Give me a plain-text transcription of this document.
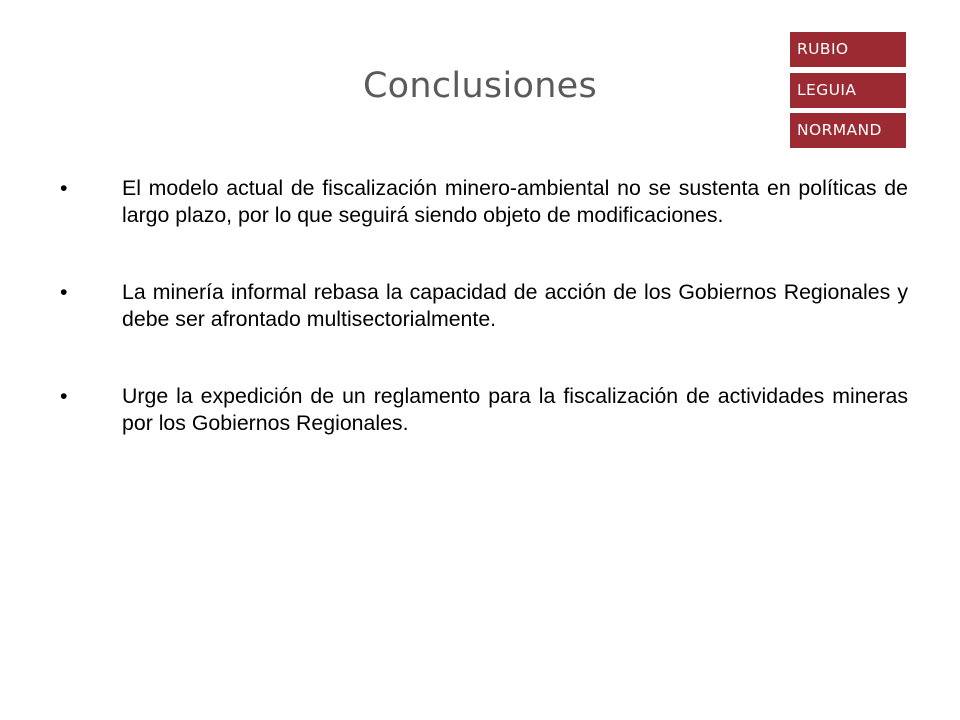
Conclusiones
RUBIO
LEGUIA
NORMAND
•	El modelo actual de fiscalización minero-ambiental no se sustenta en políticas de largo plazo, por lo que seguirá siendo objeto de modificaciones.
•	La minería informal rebasa la capacidad de acción de los Gobiernos Regionales y debe ser afrontado multisectorialmente.
•	Urge la expedición de un reglamento para la fiscalización de actividades mineras por los Gobiernos Regionales.
